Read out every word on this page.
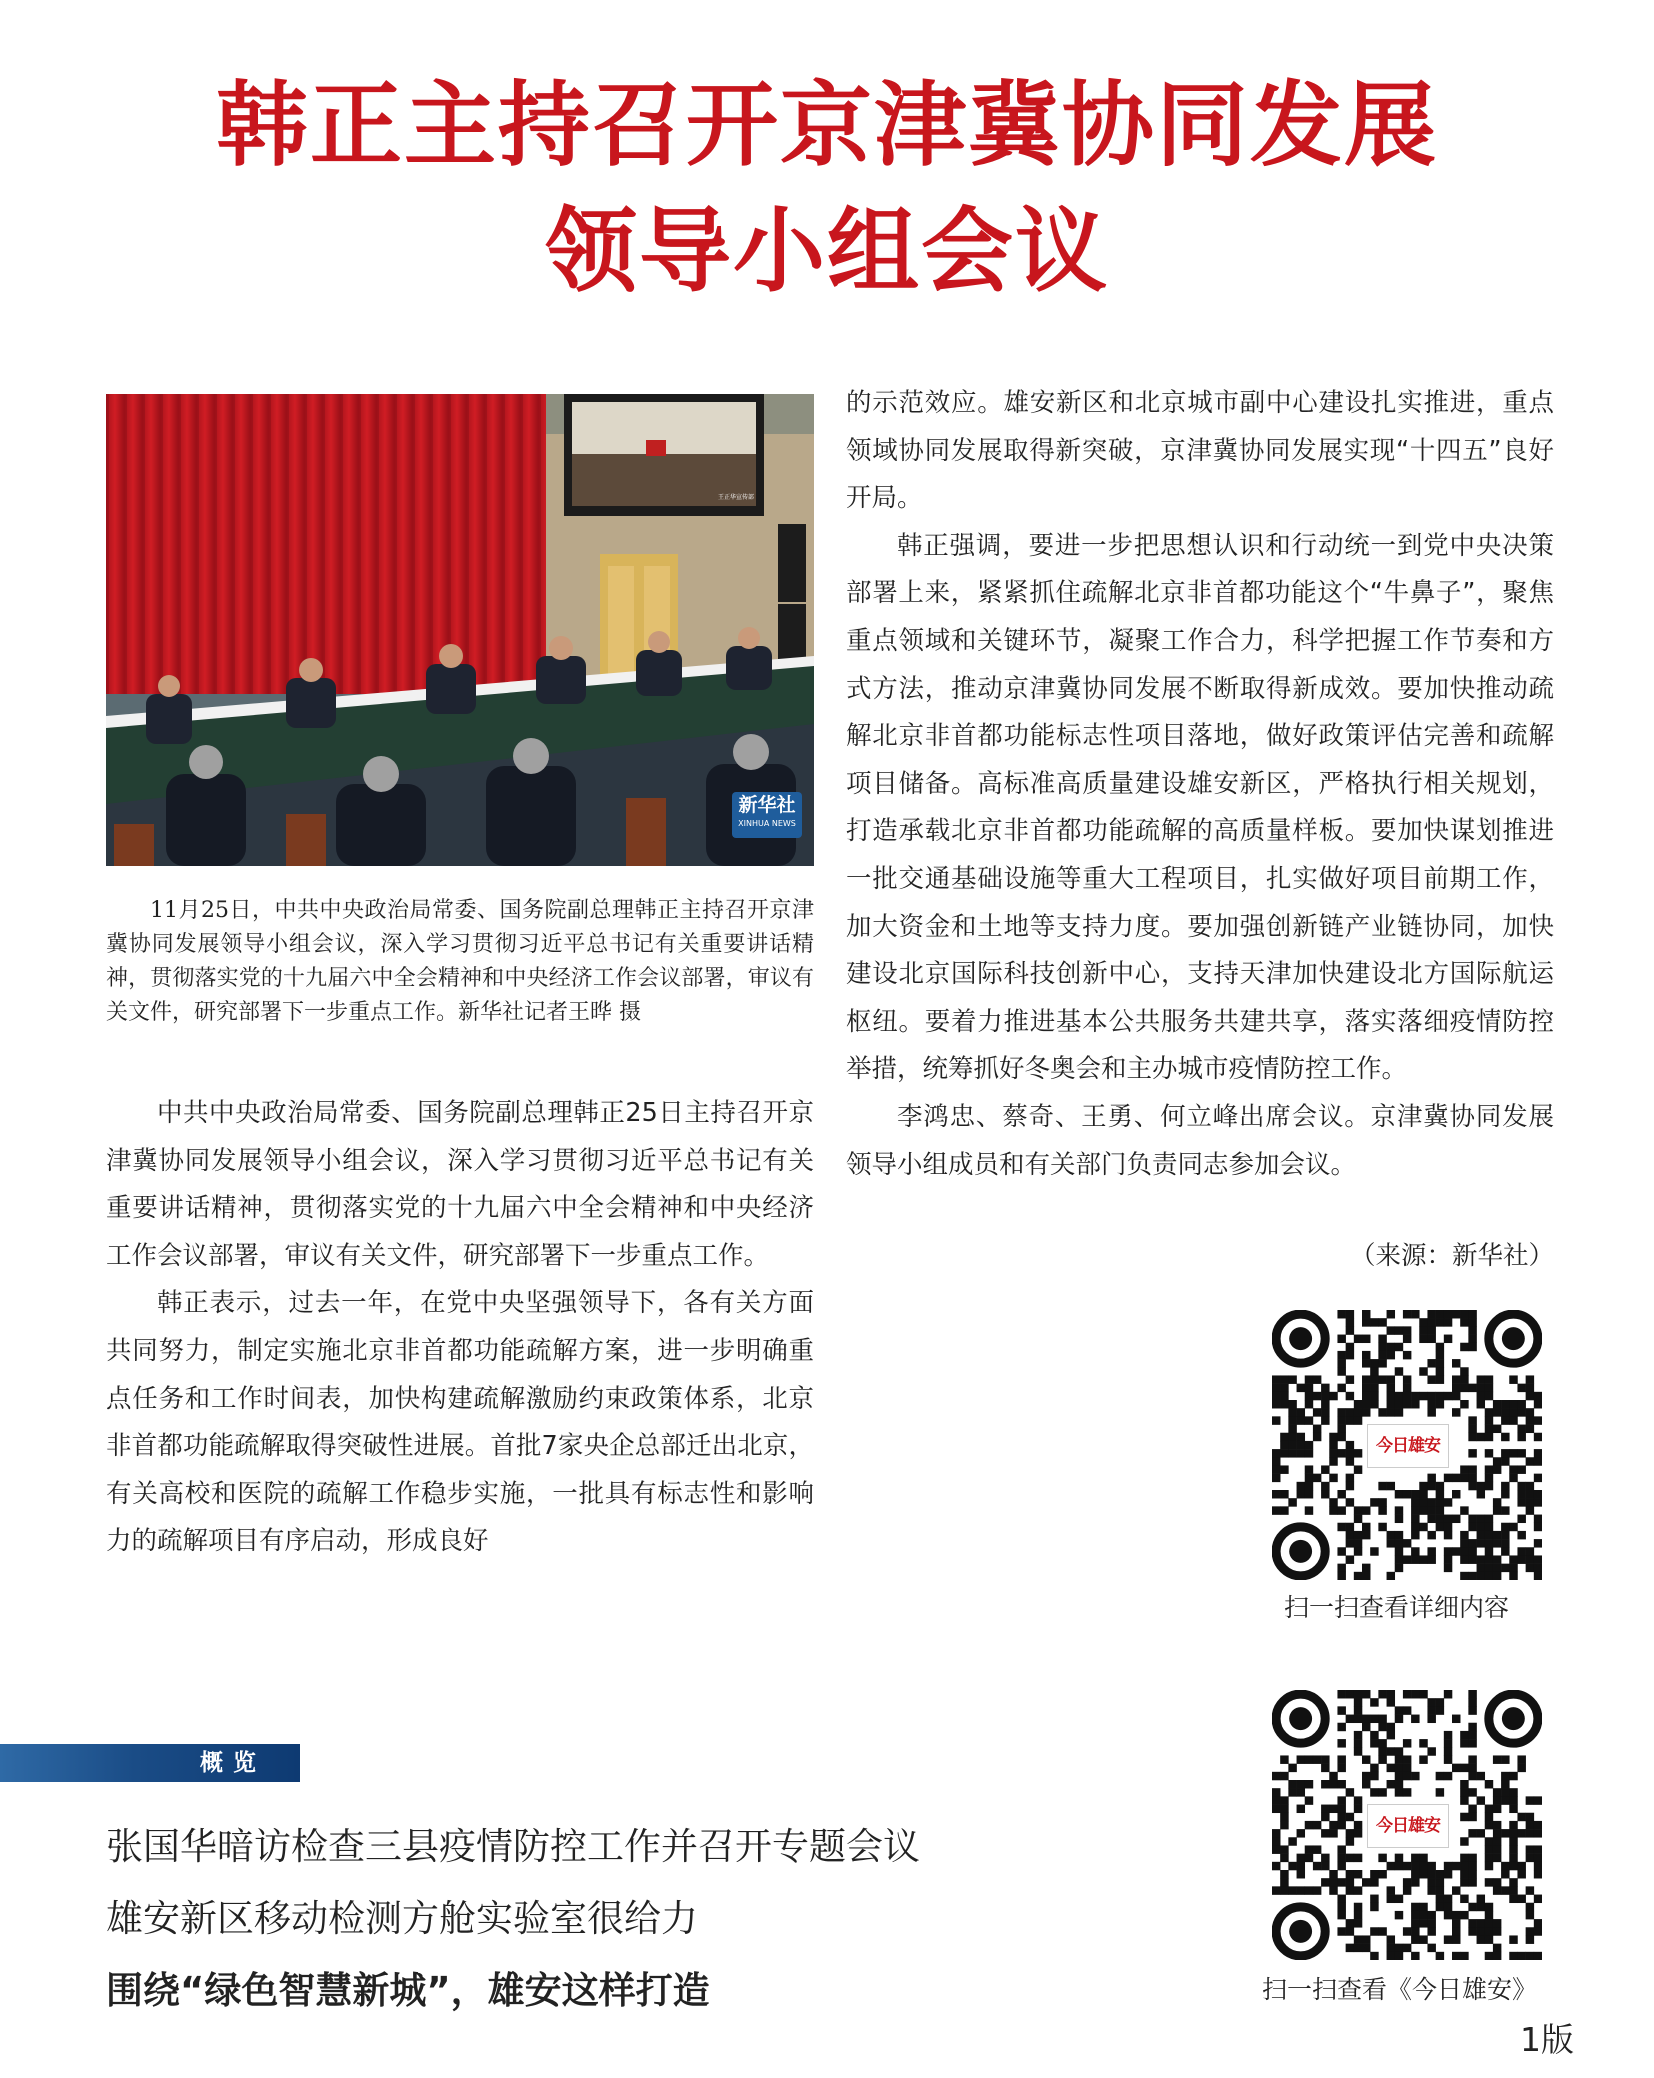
韩正主持召开京津冀协同发展
领导小组会议
新华社
XINHUA NEWS
王正华宣传部
11月25日，中共中央政治局常委、国务院副总理韩正主持召开京津冀协同发展领导小组会议，深入学习贯彻习近平总书记有关重要讲话精神，贯彻落实党的十九届六中全会精神和中央经济工作会议部署，审议有关文件，研究部署下一步重点工作。新华社记者王晔 摄

中共中央政治局常委、国务院副总理韩正25日主持召开京津冀协同发展领导小组会议，深入学习贯彻习近平总书记有关重要讲话精神，贯彻落实党的十九届六中全会精神和中央经济工作会议部署，审议有关文件，研究部署下一步重点工作。

韩正表示，过去一年，在党中央坚强领导下，各有关方面共同努力，制定实施北京非首都功能疏解方案，进一步明确重点任务和工作时间表，加快构建疏解激励约束政策体系，北京非首都功能疏解取得突破性进展。首批7家央企总部迁出北京，有关高校和医院的疏解工作稳步实施，一批具有标志性和影响力的疏解项目有序启动，形成良好

的示范效应。雄安新区和北京城市副中心建设扎实推进，重点领域协同发展取得新突破，京津冀协同发展实现“十四五”良好开局。

韩正强调，要进一步把思想认识和行动统一到党中央决策部署上来，紧紧抓住疏解北京非首都功能这个“牛鼻子”，聚焦重点领域和关键环节，凝聚工作合力，科学把握工作节奏和方式方法，推动京津冀协同发展不断取得新成效。要加快推动疏解北京非首都功能标志性项目落地，做好政策评估完善和疏解项目储备。高标准高质量建设雄安新区，严格执行相关规划，打造承载北京非首都功能疏解的高质量样板。要加快谋划推进一批交通基础设施等重大工程项目，扎实做好项目前期工作，加大资金和土地等支持力度。要加强创新链产业链协同，加快建设北京国际科技创新中心，支持天津加快建设北方国际航运枢纽。要着力推进基本公共服务共建共享，落实落细疫情防控举措，统筹抓好冬奥会和主办城市疫情防控工作。

李鸿忠、蔡奇、王勇、何立峰出席会议。京津冀协同发展领导小组成员和有关部门负责同志参加会议。

（来源：新华社）
今日雄安
扫一扫查看详细内容
今日雄安
扫一扫查看《今日雄安》
概览
张国华暗访检查三县疫情防控工作并召开专题会议
雄安新区移动检测方舱实验室很给力
围绕“绿色智慧新城”，雄安这样打造
1版
